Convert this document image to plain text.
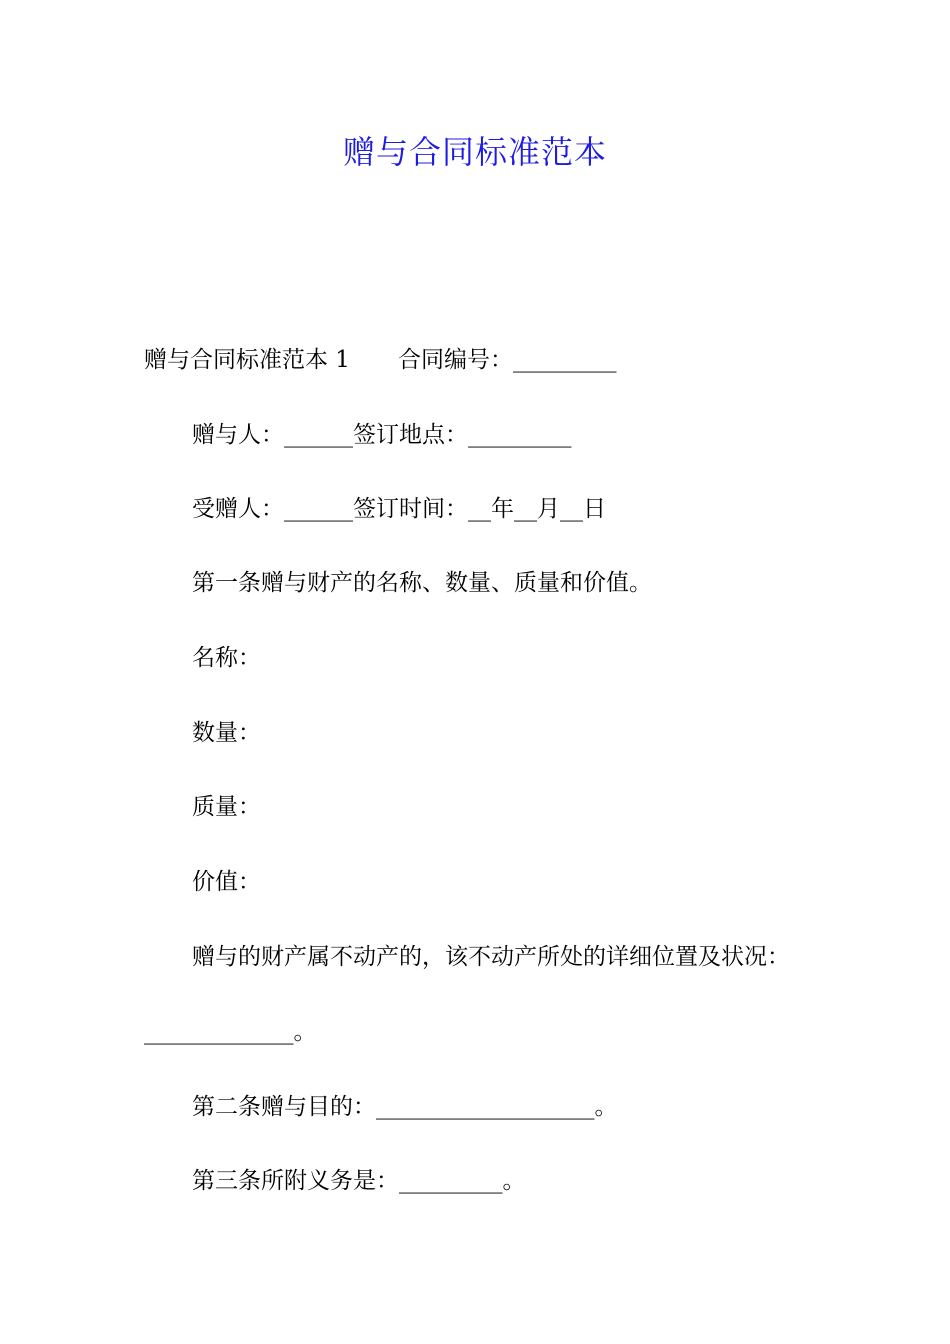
赠与合同标准范本
赠与合同标准范本 1 合同编号：_________
赠与人：______签订地点：_________
受赠人：______签订时间：__年__月__日
第一条赠与财产的名称、数量、质量和价值。
名称：
数量：
质量：
价值：
赠与的财产属不动产的，该不动产所处的详细位置及状况：
_____________。
第二条赠与目的：___________________。
第三条所附义务是：_________。
